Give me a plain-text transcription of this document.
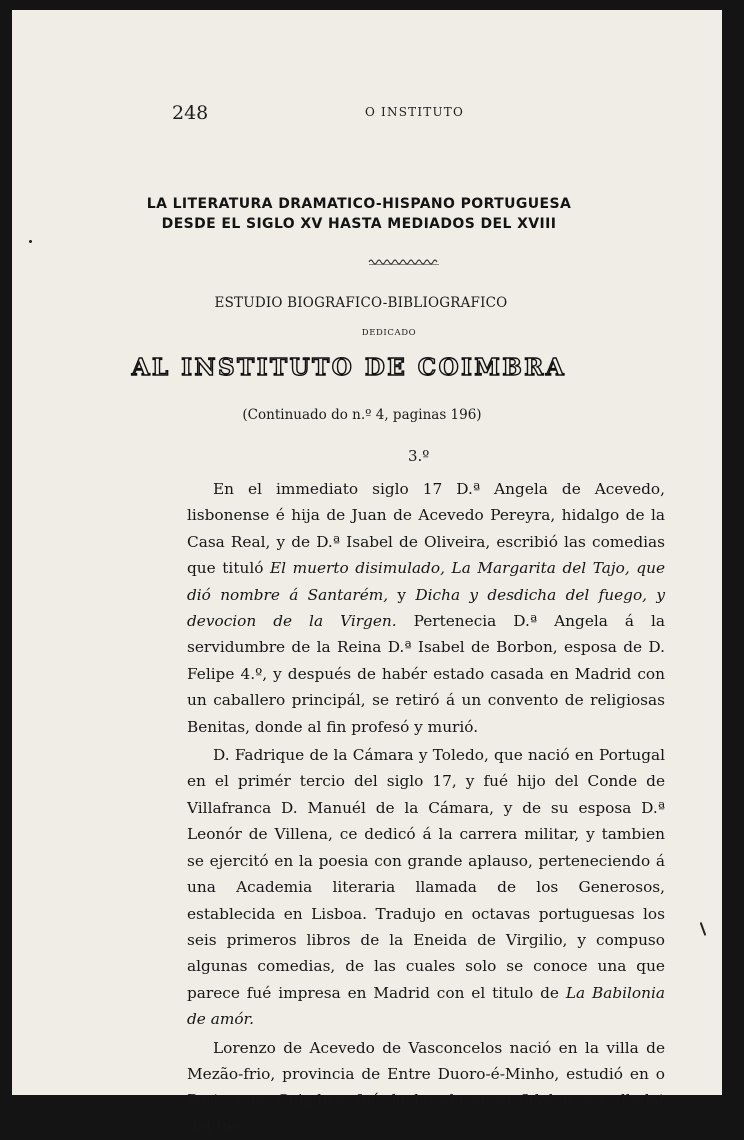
248	O INSTITUTO
LA LITERATURA DRAMATICO-HISPANO PORTUGUESA
DESDE EL SIGLO XV HASTA MEDIADOS DEL XVIII
ESTUDIO BIOGRAFICO-BIBLIOGRAFICO
DEDICADO
AL INSTITUTO DE COIMBRA
(Continuado do n.º 4, paginas 196)
3.º

En el immediato siglo 17 D.ª Angela de Acevedo, lisbonense é hija de Juan de Acevedo Pereyra, hidalgo de la Casa Real, y de D.ª Isabel de Oliveira, escribió las comedias que tituló El muerto disimulado, La Margarita del Tajo, que dió nombre á Santarém, y Dicha y desdicha del fuego, y devocion de la Virgen. Pertenecia D.ª Angela á la servidumbre de la Reina D.ª Isabel de Borbon, esposa de D. Felipe 4.º, y después de habér estado casada en Madrid con un caballero principál, se retiró á un convento de religiosas Benitas, donde al fin profesó y murió.

D. Fadrique de la Cámara y Toledo, que nació en Portugal en el primér tercio del siglo 17, y fué hijo del Conde de Villafranca D. Manuél de la Cámara, y de su esposa D.ª Leonór de Villena, ce dedicó á la carrera militar, y tambien se ejercitó en la poesia con grande aplauso, perteneciendo á una Academia literaria llamada de los Generosos, establecida en Lisboa. Tradujo en octavas portuguesas los seis primeros libros de la Eneida de Virgilio, y compuso algunas comedias, de las cuales solo se conoce una que parece fué impresa en Madrid con el titulo de La Babilonia de amór.

Lorenzo de Acevedo de Vasconcelos nació en la villa de Mezão-frio, provincia de Entre Duoro-é-Minho, estudió en o Porto y en Coimbra, fué declarado mozo fidalgo por albalat del Rey
